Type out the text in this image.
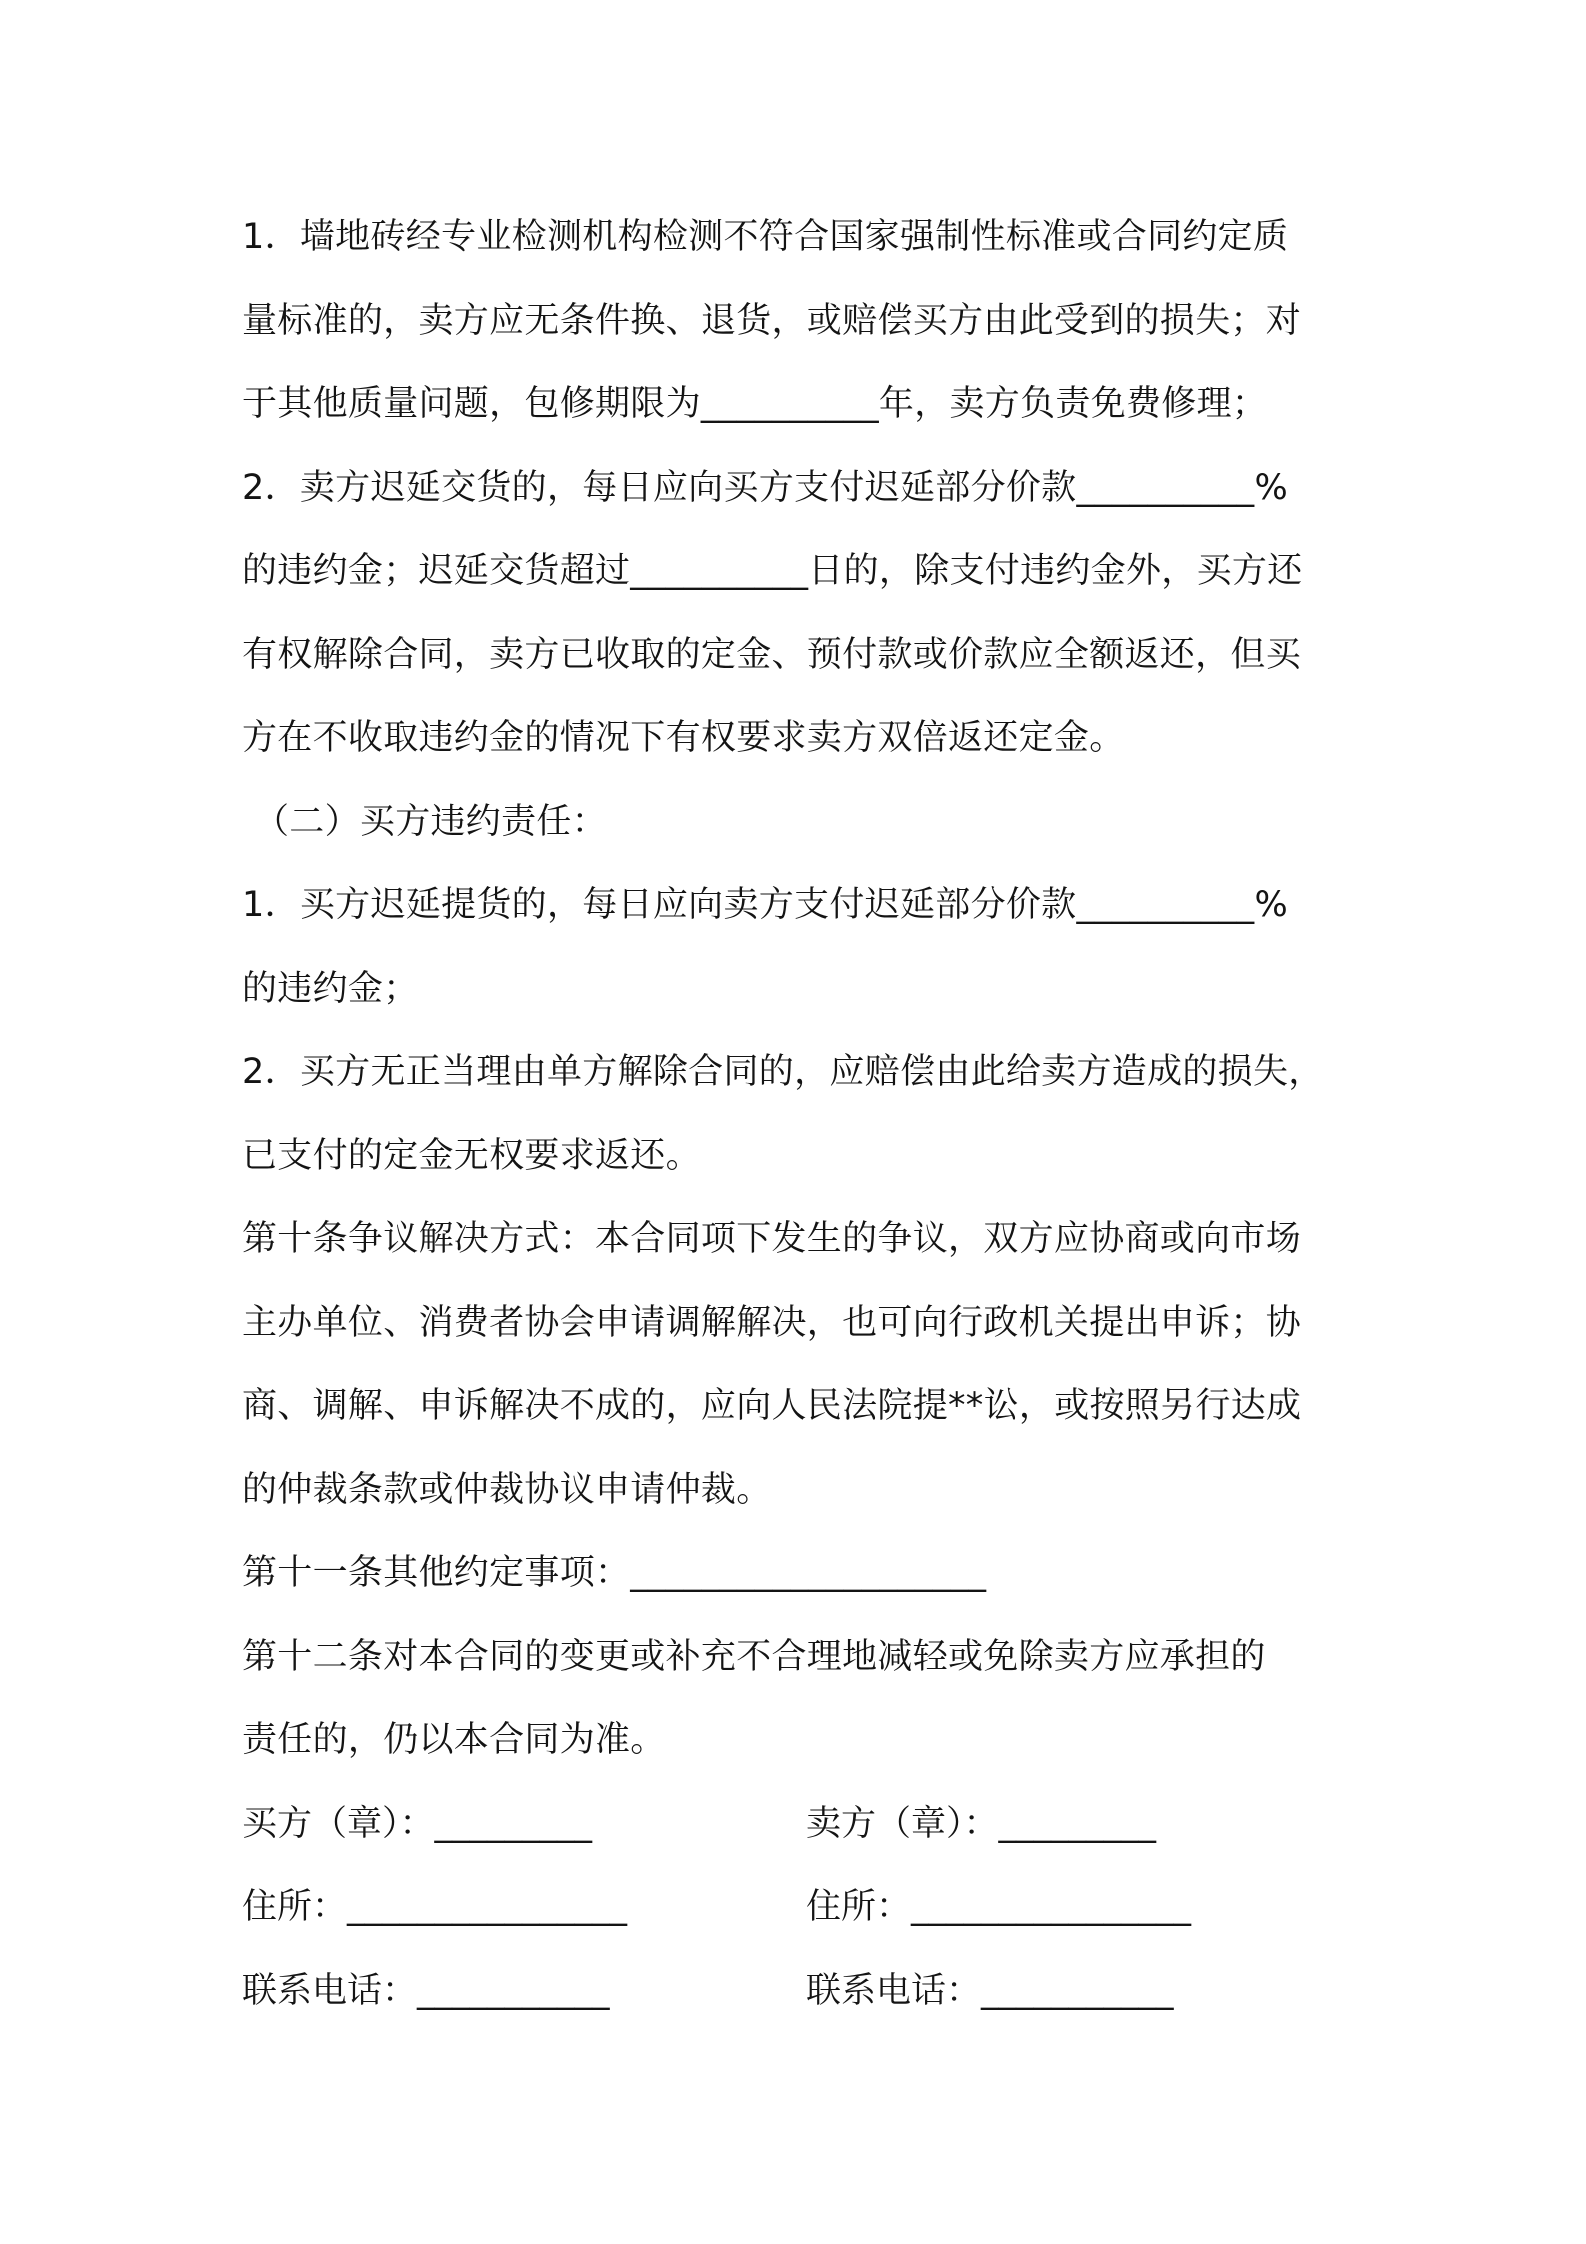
1．墙地砖经专业检测机构检测不符合国家强制性标准或合同约定质
量标准的，卖方应无条件换、退货，或赔偿买方由此受到的损失；对
于其他质量问题，包修期限为__________年，卖方负责免费修理；
2．卖方迟延交货的，每日应向买方支付迟延部分价款__________%
的违约金；迟延交货超过__________日的，除支付违约金外，买方还
有权解除合同，卖方已收取的定金、预付款或价款应全额返还，但买
方在不收取违约金的情况下有权要求卖方双倍返还定金。
（二）买方违约责任：
1．买方迟延提货的，每日应向卖方支付迟延部分价款__________%
的违约金；
2．买方无正当理由单方解除合同的，应赔偿由此给卖方造成的损失，
已支付的定金无权要求返还。
第十条争议解决方式：本合同项下发生的争议，双方应协商或向市场
主办单位、消费者协会申请调解解决，也可向行政机关提出申诉；协
商、调解、申诉解决不成的，应向人民法院提**讼，或按照另行达成
的仲裁条款或仲裁协议申请仲裁。
第十一条其他约定事项：____________________
第十二条对本合同的变更或补充不合理地减轻或免除卖方应承担的
责任的，仍以本合同为准。
买方（章）：_________	卖方（章）：_________
住所：________________	住所：________________
联系电话：___________	联系电话：___________
